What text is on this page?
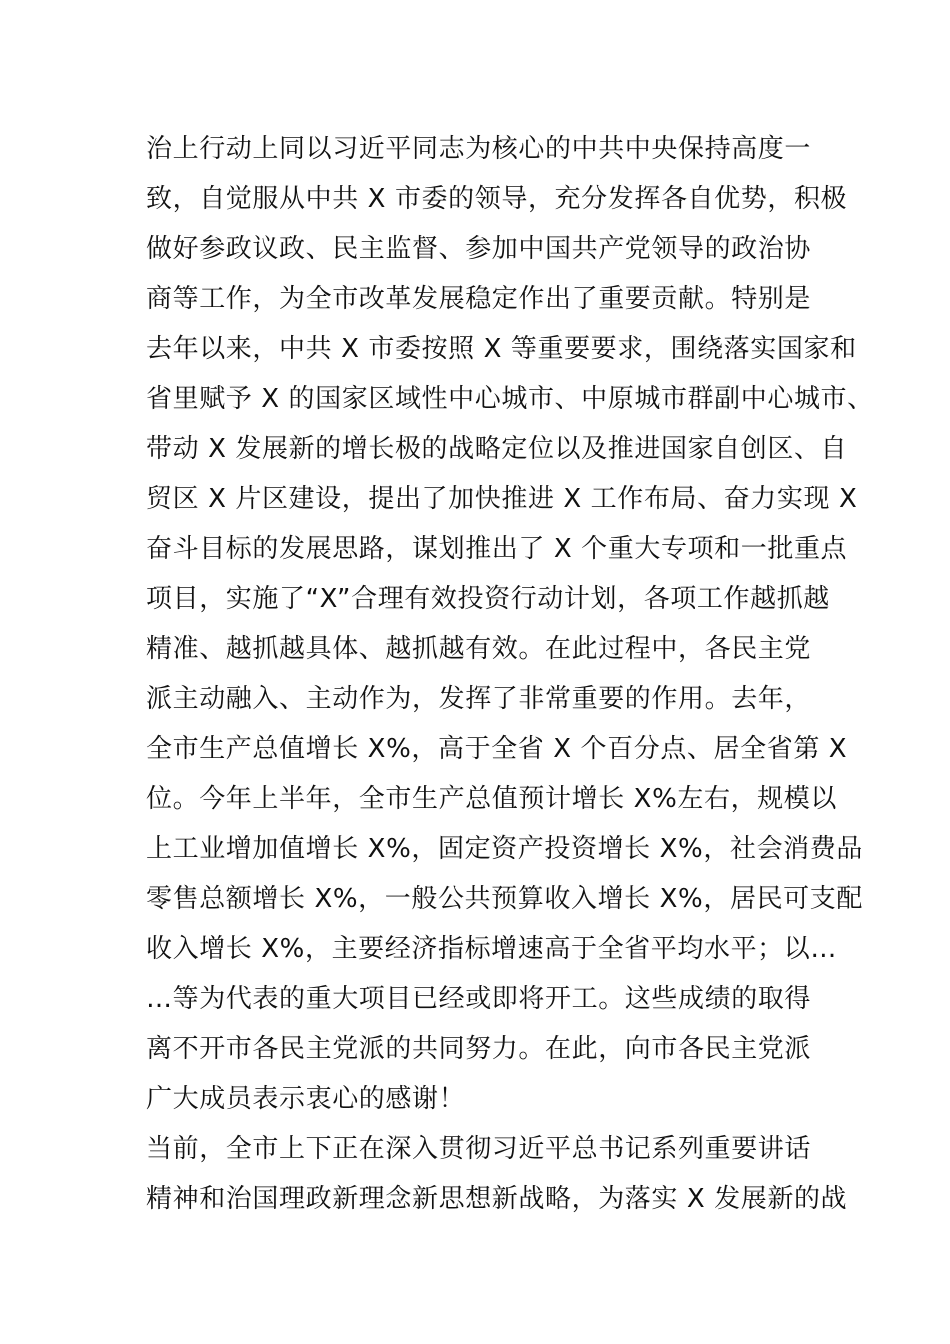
治上行动上同以习近平同志为核心的中共中央保持高度一
致，自觉服从中共 X 市委的领导，充分发挥各自优势，积极
做好参政议政、民主监督、参加中国共产党领导的政治协
商等工作，为全市改革发展稳定作出了重要贡献。特别是
去年以来，中共 X 市委按照 X 等重要要求，围绕落实国家和
省里赋予 X 的国家区域性中心城市、中原城市群副中心城市、
带动 X 发展新的增长极的战略定位以及推进国家自创区、自
贸区 X 片区建设，提出了加快推进 X 工作布局、奋力实现 X
奋斗目标的发展思路，谋划推出了 X 个重大专项和一批重点
项目，实施了“X”合理有效投资行动计划，各项工作越抓越
精准、越抓越具体、越抓越有效。在此过程中，各民主党
派主动融入、主动作为，发挥了非常重要的作用。去年，
全市生产总值增长 X%，高于全省 X 个百分点、居全省第 X
位。今年上半年，全市生产总值预计增长 X%左右，规模以
上工业增加值增长 X%，固定资产投资增长 X%，社会消费品
零售总额增长 X%，一般公共预算收入增长 X%，居民可支配
收入增长 X%，主要经济指标增速高于全省平均水平；以…
…等为代表的重大项目已经或即将开工。这些成绩的取得
离不开市各民主党派的共同努力。在此，向市各民主党派
广大成员表示衷心的感谢！
当前，全市上下正在深入贯彻习近平总书记系列重要讲话
精神和治国理政新理念新思想新战略，为落实 X 发展新的战
